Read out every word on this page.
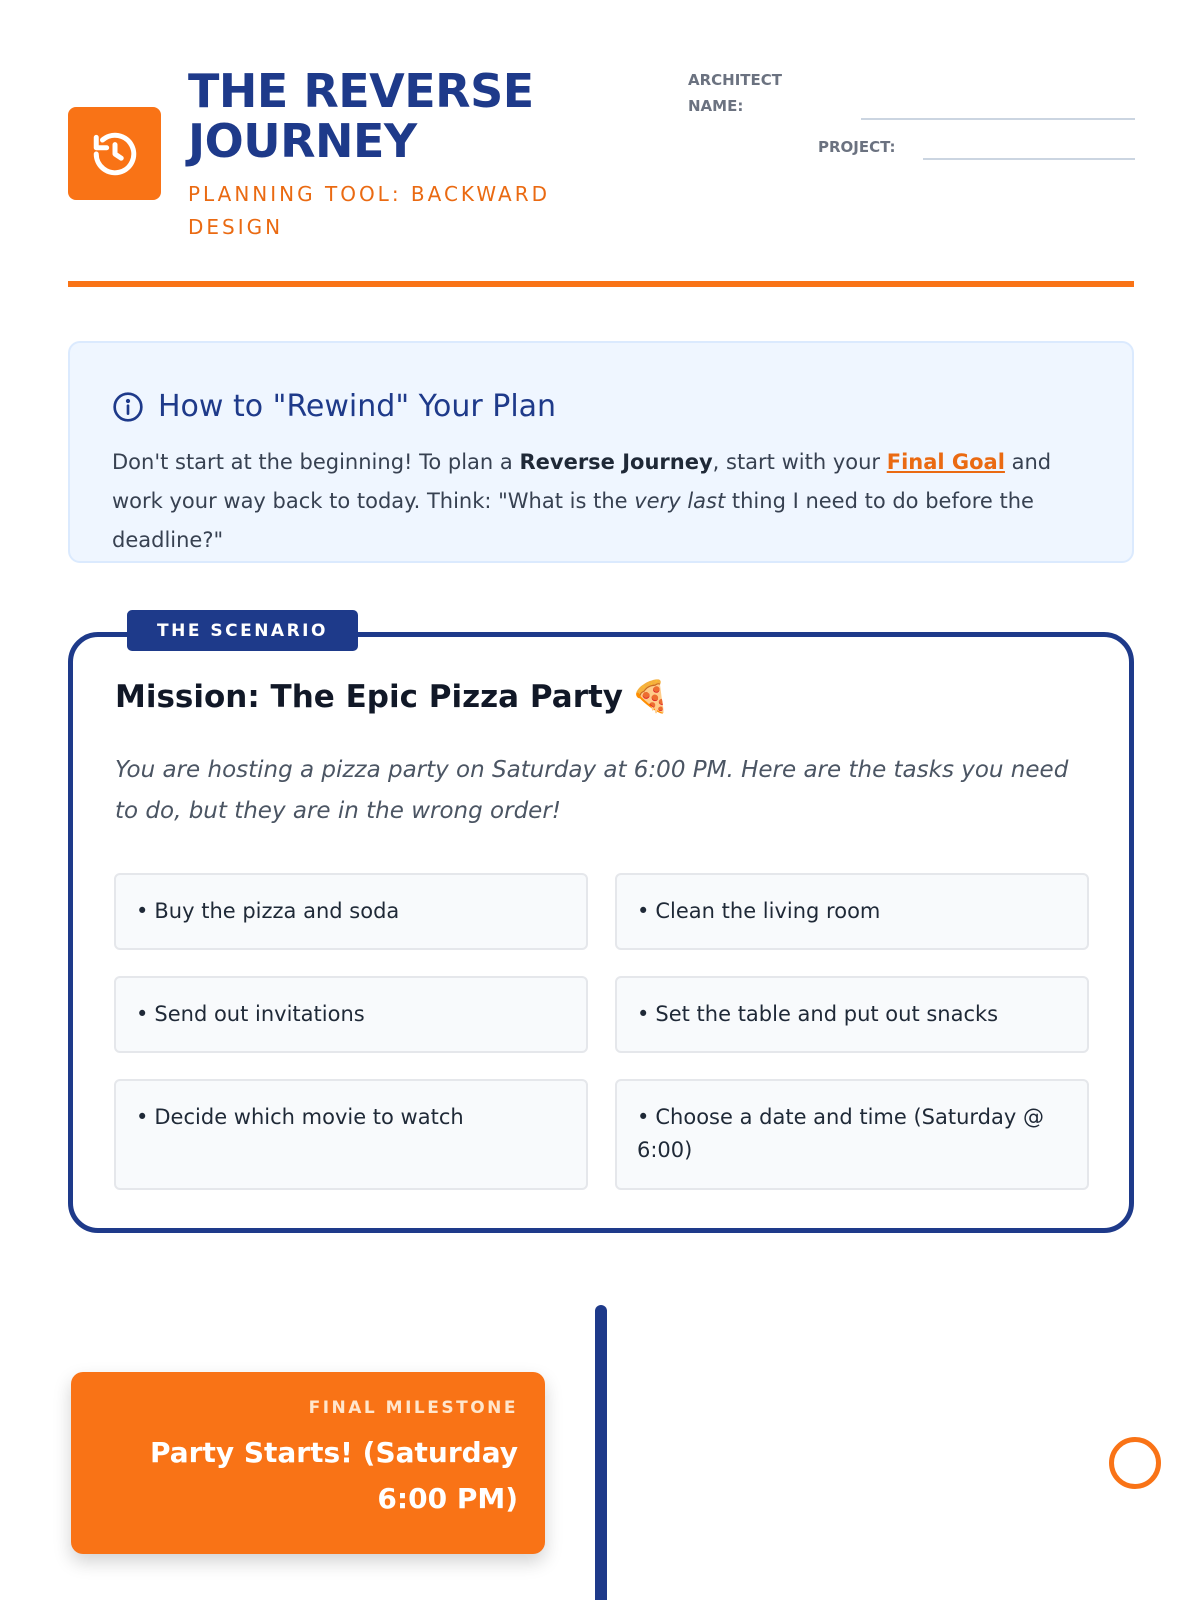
THE REVERSE JOURNEY
PLANNING TOOL: BACKWARD DESIGN
ARCHITECT NAME:
PROJECT:
How to "Rewind" Your Plan
Don't start at the beginning! To plan a Reverse Journey, start with your Final Goal and work your way back to today. Think: "What is the very last thing I need to do before the deadline?"
THE SCENARIO
Mission: The Epic Pizza Party 🍕
You are hosting a pizza party on Saturday at 6:00 PM. Here are the tasks you need to do, but they are in the wrong order!
• Buy the pizza and soda	• Clean the living room
• Send out invitations	• Set the table and put out snacks
• Decide which movie to watch	• Choose a date and time (Saturday @ 6:00)
FINAL MILESTONE
Party Starts! (Saturday 6:00 PM)
